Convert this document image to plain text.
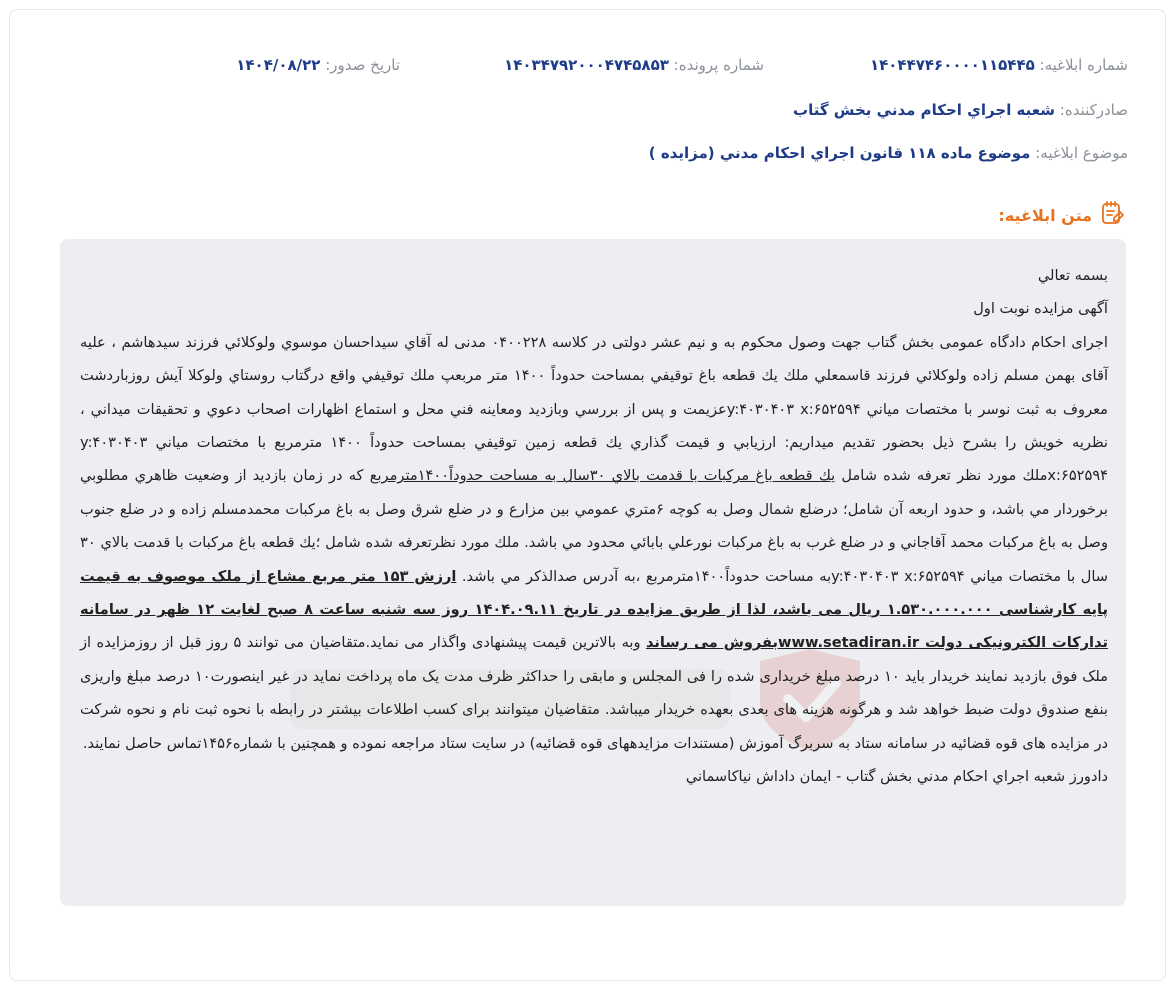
شماره ابلاغیه: ۱۴۰۴۴۷۴۶۰۰۰۰۱۱۵۴۴۵
شماره پرونده: ۱۴۰۳۴۷۹۲۰۰۰۴۷۴۵۸۵۳
تاریخ صدور: ۱۴۰۴/۰۸/۲۲
صادرکننده: شعبه اجراي احكام مدني بخش گتاب
موضوع ابلاغیه: موضوع ماده ۱۱۸ قانون اجراي احكام مدني (مزايده )
متن ابلاغیه:

بسمه تعالي

آگهی مزایده نوبت اول

اجرای احکام دادگاه عمومی بخش گتاب جهت وصول محکوم به و نیم عشر دولتی در کلاسه ۰۴۰۰۲۲۸ مدنی له آقاي سيداحسان موسوي ولوكلائي فرزند سيدهاشم ، علیه آقای بهمن مسلم زاده ولوكلائي فرزند قاسمعلي ملك يك قطعه باغ توقيفي بمساحت حدوداً ۱۴۰۰ متر مربعپ ملك توقيفي واقع درگتاب روستاي ولوكلا آيش روزباردشت معروف به ثبت نوسر با مختصات مياني y:۴۰۳۰۴۰۳ x:۶۵۲۵۹۴عزيمت و پس از بررسي وبازديد ومعاينه فني محل و استماع اظهارات اصحاب دعوي و تحقيقات ميداني ، نظريه خويش را بشرح ذيل بحضور تقديم ميداريم: ارزيابي و قيمت گذاري يك قطعه زمين توقيفي بمساحت حدوداً ۱۴۰۰ مترمربع با مختصات مياني y:۴۰۳۰۴۰۳ x:۶۵۲۵۹۴ملك مورد نظر تعرفه شده شامل يك قطعه باغ مركبات با قدمت بالاي ۳۰سال به مساحت حدوداً۱۴۰۰مترمربع كه در زمان بازديد از وضعيت ظاهري مطلوبي برخوردار مي باشد، و حدود اربعه آن شامل؛ درضلع شمال وصل به كوچه ۶متري عمومي بين مزارع و در ضلع شرق وصل به باغ مركبات محمدمسلم زاده و در ضلع جنوب وصل به باغ مركبات محمد آقاجاني و در ضلع غرب به باغ مركبات نورعلي بابائي محدود مي باشد. ملك مورد نظرتعرفه شده شامل ؛يك قطعه باغ مركبات با قدمت بالاي ۳۰ سال با مختصات مياني y:۴۰۳۰۴۰۳ x:۶۵۲۵۹۴به مساحت حدوداً۱۴۰۰مترمربع ،به آدرس صدالذكر مي باشد. ارزش ۱۵۳ متر مربع مشاع از ملک موصوف به قیمت پایه کارشناسی ۱.۵۳۰.۰۰۰.۰۰۰ ریال می باشد، لذا از طریق مزایده در تاریخ ۱۴۰۴.۰۹.۱۱ روز سه شنبه ساعت ۸ صبح لغایت ۱۲ ظهر در سامانه تدارکات الکترونیکی دولت www.setadiran.irبفروش می رساند وبه بالاترین قیمت پیشنهادی واگذار می نماید.متقاضیان می توانند ۵ روز قبل از روزمزایده از ملک فوق بازدید نمایند خریدار باید ۱۰ درصد مبلغ خریداری شده را فی المجلس و مابقی را حداکثر ظرف مدت یک ماه پرداخت نماید در غیر اینصورت۱۰ درصد مبلغ واریزی بنفع صندوق دولت ضبط خواهد شد و هرگونه هزینه های بعدی بعهده خریدار میباشد. متقاضیان میتوانند برای کسب اطلاعات بیشتر در رابطه با نحوه ثبت نام و نحوه شرکت در مزایده های قوه قضائیه در سامانه ستاد به سربرگ آموزش (مستندات مزایدههای قوه قضائیه) در سایت ستاد مراجعه نموده و همچنین با شماره۱۴۵۶تماس حاصل نمایند.

دادورز شعبه اجراي احكام مدني بخش گتاب - ايمان داداش نياكاسماني
